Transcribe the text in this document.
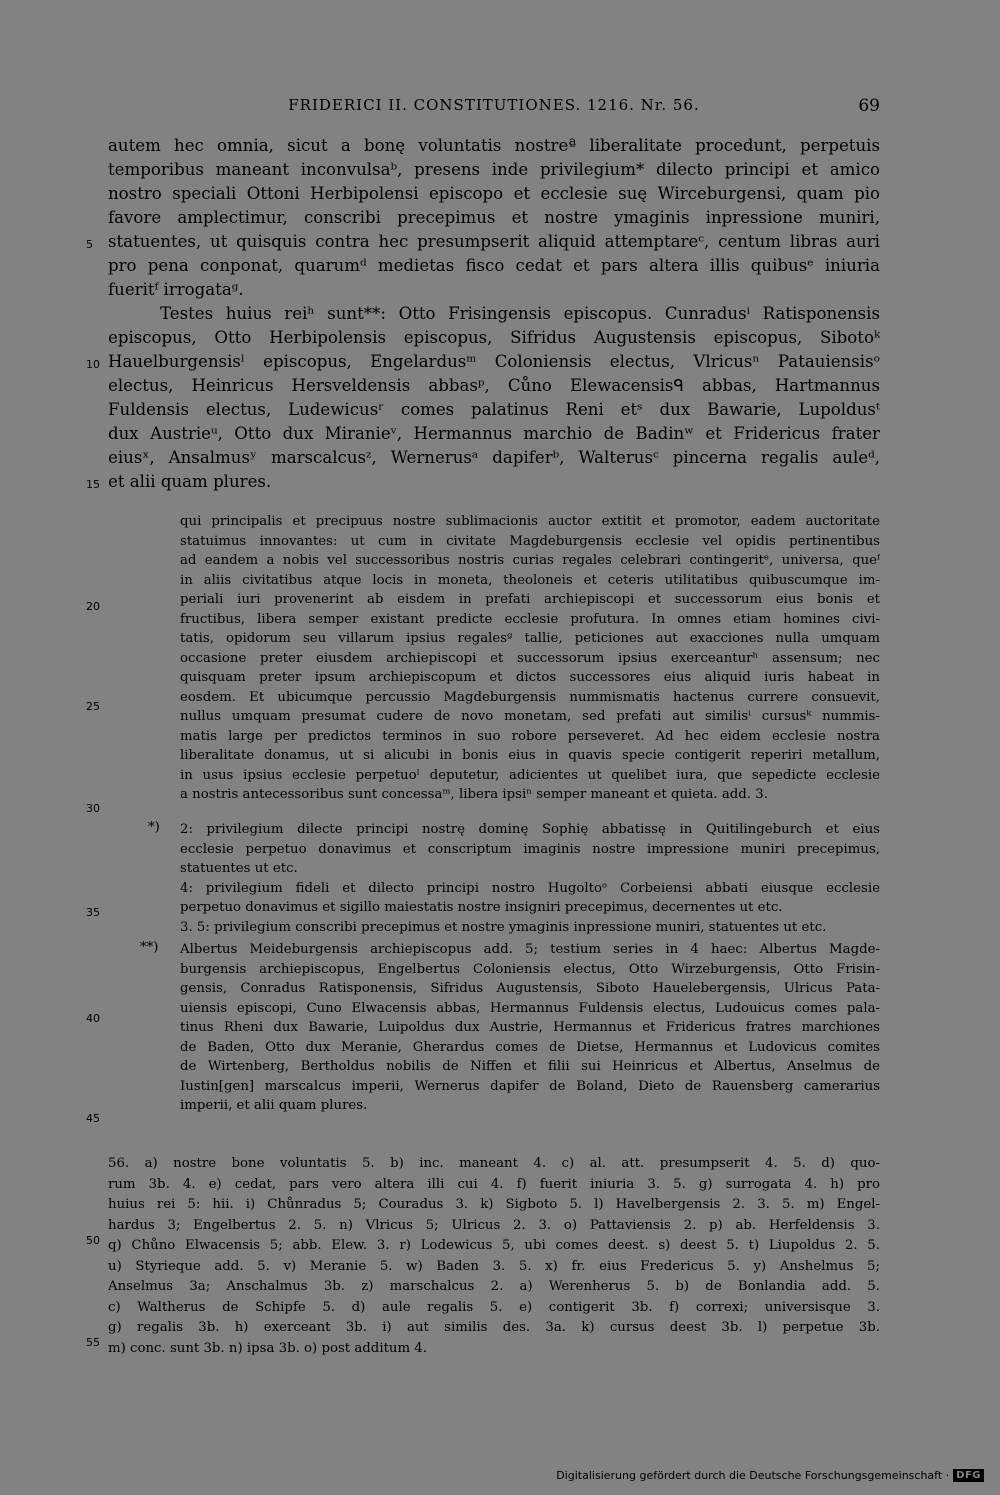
FRIDERICI II. CONSTITUTIONES. 1216. Nr. 56.	69
autem hec omnia, sicut a bonę voluntatis nostreª liberalitate procedunt, perpetuis
temporibus maneant inconvulsaᵇ, presens inde privilegium* dilecto principi et amico
nostro speciali Ottoni Herbipolensi episcopo et ecclesie suę Wirceburgensi, quam pio
favore amplectimur, conscribi precepimus et nostre ymaginis inpressione muniri,
statuentes, ut quisquis contra hec presumpserit aliquid attemptareᶜ, centum libras auri
pro pena conponat, quarumᵈ medietas fisco cedat et pars altera illis quibusᵉ iniuria
fueritᶠ irrogataᵍ.
Testes huius reiʰ sunt**: Otto Frisingensis episcopus. Cunradusⁱ Ratisponensis
episcopus, Otto Herbipolensis episcopus, Sifridus Augustensis episcopus, Sibotoᵏ
Hauelburgensisˡ episcopus, Engelardusᵐ Coloniensis electus, Vlricusⁿ Patauiensisᵒ
electus, Heinricus Hersveldensis abbasᵖ, Cůno Elewacensisᑫ abbas, Hartmannus
Fuldensis electus, Ludewicusʳ comes palatinus Reni etˢ dux Bawarie, Lupoldusᵗ
dux Austrieᵘ, Otto dux Miranieᵛ, Hermannus marchio de Badinʷ et Fridericus frater
eiusˣ, Ansalmusʸ marscalcusᶻ, Wernerusᵃ dapiferᵇ, Walterusᶜ pincerna regalis auleᵈ,
et alii quam plures.
qui principalis et precipuus nostre sublimacionis auctor extitit et promotor, eadem auctoritate
statuimus innovantes: ut cum in civitate Magdeburgensis ecclesie vel opidis pertinentibus
ad eandem a nobis vel successoribus nostris curias regales celebrari contingeritᵉ, universa, queᶠ
in aliis civitatibus atque locis in moneta, theoloneis et ceteris utilitatibus quibuscumque im-
periali iuri provenerint ab eisdem in prefati archiepiscopi et successorum eius bonis et
fructibus, libera semper existant predicte ecclesie profutura. In omnes etiam homines civi-
tatis, opidorum seu villarum ipsius regalesᵍ tallie, peticiones aut exacciones nulla umquam
occasione preter eiusdem archiepiscopi et successorum ipsius exerceanturʰ assensum; nec
quisquam preter ipsum archiepiscopum et dictos successores eius aliquid iuris habeat in
eosdem. Et ubicumque percussio Magdeburgensis nummismatis hactenus currere consuevit,
nullus umquam presumat cudere de novo monetam, sed prefati aut similisⁱ cursusᵏ nummis-
matis large per predictos terminos in suo robore perseveret. Ad hec eidem ecclesie nostra
liberalitate donamus, ut si alicubi in bonis eius in quavis specie contigerit reperiri metallum,
in usus ipsius ecclesie perpetuoˡ deputetur, adicientes ut quelibet iura, que sepedicte ecclesie
a nostris antecessoribus sunt concessaᵐ, libera ipsiⁿ semper maneant et quieta. add. 3.
*) 2: privilegium dilecte principi nostrę dominę Sophię abbatissę in Quitilingeburch et eius
ecclesie perpetuo donavimus et conscriptum imaginis nostre impressione muniri precepimus,
statuentes ut etc.
4: privilegium fideli et dilecto principi nostro Hugoltoᵒ Corbeiensi abbati eiusque ecclesie
perpetuo donavimus et sigillo maiestatis nostre insigniri precepimus, decernentes ut etc.
3. 5: privilegium conscribi precepimus et nostre ymaginis inpressione muniri, statuentes ut etc.
**) Albertus Meideburgensis archiepiscopus add. 5; testium series in 4 haec: Albertus Magde-
burgensis archiepiscopus, Engelbertus Coloniensis electus, Otto Wirzeburgensis, Otto Frisin-
gensis, Conradus Ratisponensis, Sifridus Augustensis, Siboto Hauelebergensis, Ulricus Pata-
uiensis episcopi, Cuno Elwacensis abbas, Hermannus Fuldensis electus, Ludouicus comes pala-
tinus Rheni dux Bawarie, Luipoldus dux Austrie, Hermannus et Fridericus fratres marchiones
de Baden, Otto dux Meranie, Gherardus comes de Dietse, Hermannus et Ludovicus comites
de Wirtenberg, Bertholdus nobilis de Niffen et filii sui Heinricus et Albertus, Anselmus de
Iustin[gen] marscalcus imperii, Wernerus dapifer de Boland, Dieto de Rauensberg camerarius
imperii, et alii quam plures.
56. a) nostre bone voluntatis 5. b) inc. maneant 4. c) al. att. presumpserit 4. 5. d) quo-
rum 3b. 4. e) cedat, pars vero altera illi cui 4. f) fuerit iniuria 3. 5. g) surrogata 4. h) pro
huius rei 5: hii. i) Chůnradus 5; Couradus 3. k) Sigboto 5. l) Havelbergensis 2. 3. 5. m) Engel-
hardus 3; Engelbertus 2. 5. n) Vlricus 5; Ulricus 2. 3. o) Pattaviensis 2. p) ab. Herfeldensis 3.
q) Chůno Elwacensis 5; abb. Elew. 3. r) Lodewicus 5, ubi comes deest. s) deest 5. t) Liupoldus 2. 5.
u) Styrieque add. 5. v) Meranie 5. w) Baden 3. 5. x) fr. eius Fredericus 5. y) Anshelmus 5;
Anselmus 3a; Anschalmus 3b. z) marschalcus 2. a) Werenherus 5. b) de Bonlandia add. 5.
c) Waltherus de Schipfe 5. d) aule regalis 5. e) contigerit 3b. f) correxi; universisque 3.
g) regalis 3b. h) exerceant 3b. i) aut similis des. 3a. k) cursus deest 3b. l) perpetue 3b.
m) conc. sunt 3b. n) ipsa 3b. o) post additum 4.
5
10
15
20
25
30
35
40
45
50
55
Digitalisierung gefördert durch die Deutsche Forschungsgemeinschaft · DFG
